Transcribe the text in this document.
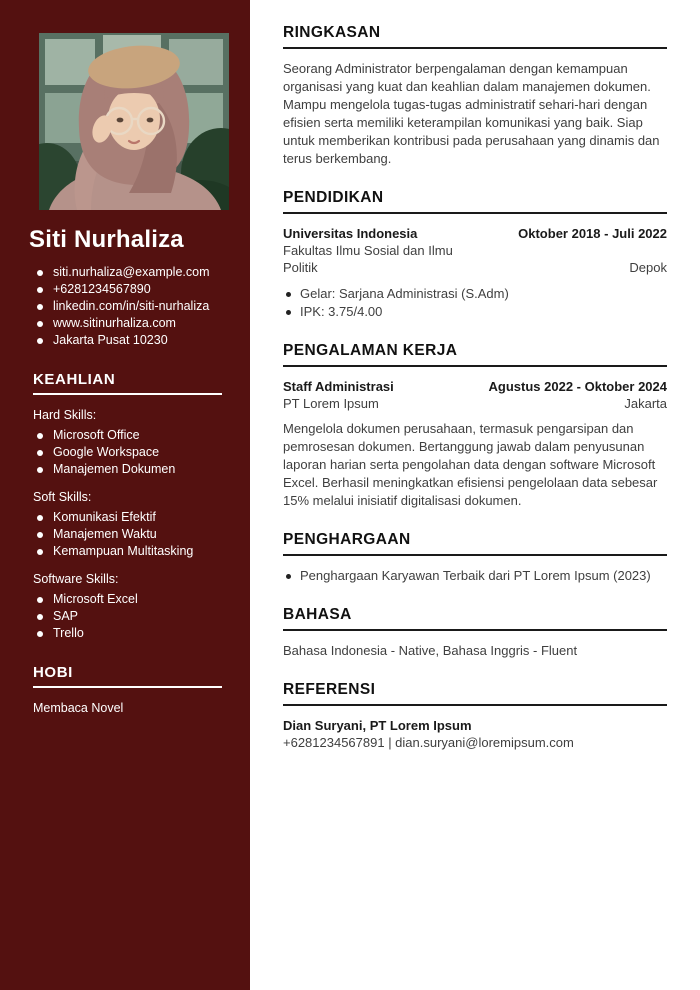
Siti Nurhaliza
siti.nurhaliza@example.com
+6281234567890
linkedin.com/in/siti-nurhaliza
www.sitinurhaliza.com
Jakarta Pusat 10230
KEAHLIAN
Hard Skills:
Microsoft Office
Google Workspace
Manajemen Dokumen
Soft Skills:
Komunikasi Efektif
Manajemen Waktu
Kemampuan Multitasking
Software Skills:
Microsoft Excel
SAP
Trello
HOBI
Membaca Novel
RINGKASAN

Seorang Administrator berpengalaman dengan kemampuan organisasi yang kuat dan keahlian dalam manajemen dokumen. Mampu mengelola tugas-tugas administratif sehari-hari dengan efisien serta memiliki keterampilan komunikasi yang baik. Siap untuk memberikan kontribusi pada perusahaan yang dinamis dan terus berkembang.

PENDIDIKAN
Universitas Indonesia
Fakultas Ilmu Sosial dan Ilmu Politik
Oktober 2018 - Juli 2022
Depok
Gelar: Sarjana Administrasi (S.Adm)
IPK: 3.75/4.00
PENGALAMAN KERJA
Staff Administrasi
PT Lorem Ipsum
Agustus 2022 - Oktober 2024
Jakarta

Mengelola dokumen perusahaan, termasuk pengarsipan dan pemrosesan dokumen. Bertanggung jawab dalam penyusunan laporan harian serta pengolahan data dengan software Microsoft Excel. Berhasil meningkatkan efisiensi pengelolaan data sebesar 15% melalui inisiatif digitalisasi dokumen.

PENGHARGAAN
Penghargaan Karyawan Terbaik dari PT Lorem Ipsum (2023)
BAHASA
Bahasa Indonesia - Native, Bahasa Inggris - Fluent
REFERENSI
Dian Suryani, PT Lorem Ipsum
+6281234567891 | dian.suryani@loremipsum.com
